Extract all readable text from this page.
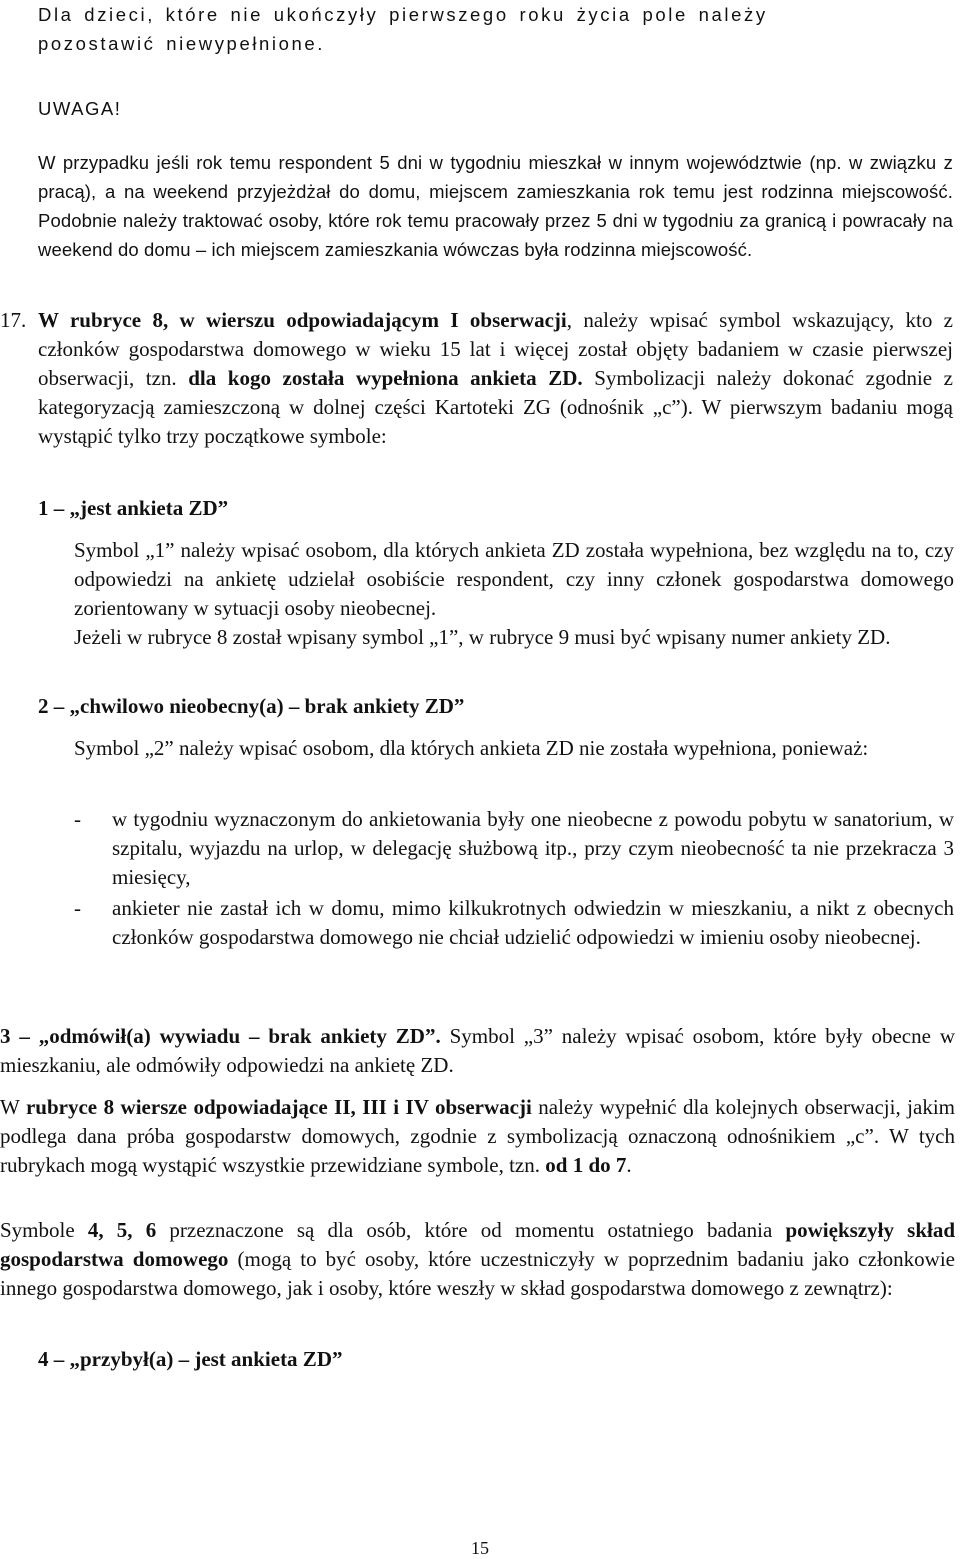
Dla dzieci, które nie ukończyły pierwszego roku życia pole należy
pozostawić niewypełnione.

UWAGA!

W przypadku jeśli rok temu respondent 5 dni w tygodniu mieszkał w innym województwie (np. w związku z pracą), a na weekend przyjeżdżał do domu, miejscem zamieszkania rok temu jest rodzinna miejscowość. Podobnie należy traktować osoby, które rok temu pracowały przez 5 dni w tygodniu za granicą i powracały na weekend do domu – ich miejscem zamieszkania wówczas była rodzinna miejscowość.

17. W rubryce 8, w wierszu odpowiadającym I obserwacji, należy wpisać symbol wskazujący, kto z członków gospodarstwa domowego w wieku 15 lat i więcej został objęty badaniem w czasie pierwszej obserwacji, tzn. dla kogo została wypełniona ankieta ZD. Symbolizacji należy dokonać zgodnie z kategoryzacją zamieszczoną w dolnej części Kartoteki ZG (odnośnik „c”). W pierwszym badaniu mogą wystąpić tylko trzy początkowe symbole:

1 – „jest ankieta ZD”

Symbol „1” należy wpisać osobom, dla których ankieta ZD została wypełniona, bez względu na to, czy odpowiedzi na ankietę udzielał osobiście respondent, czy inny członek gospodarstwa domowego zorientowany w sytuacji osoby nieobecnej.
Jeżeli w rubryce 8 został wpisany symbol „1”, w rubryce 9 musi być wpisany numer ankiety ZD.

2 – „chwilowo nieobecny(a) – brak ankiety ZD”

Symbol „2” należy wpisać osobom, dla których ankieta ZD nie została wypełniona, ponieważ:

- w tygodniu wyznaczonym do ankietowania były one nieobecne z powodu pobytu w sanatorium, w szpitalu, wyjazdu na urlop, w delegację służbową itp., przy czym nieobecność ta nie przekracza 3 miesięcy,

- ankieter nie zastał ich w domu, mimo kilkukrotnych odwiedzin w mieszkaniu, a nikt z obecnych członków gospodarstwa domowego nie chciał udzielić odpowiedzi w imieniu osoby nieobecnej.

3 – „odmówił(a) wywiadu – brak ankiety ZD”. Symbol „3” należy wpisać osobom, które były obecne w mieszkaniu, ale odmówiły odpowiedzi na ankietę ZD.

W rubryce 8 wiersze odpowiadające II, III i IV obserwacji należy wypełnić dla kolejnych obserwacji, jakim podlega dana próba gospodarstw domowych, zgodnie z symbolizacją oznaczoną odnośnikiem „c”. W tych rubrykach mogą wystąpić wszystkie przewidziane symbole, tzn. od 1 do 7.

Symbole 4, 5, 6 przeznaczone są dla osób, które od momentu ostatniego badania powiększyły skład gospodarstwa domowego (mogą to być osoby, które uczestniczyły w poprzednim badaniu jako członkowie innego gospodarstwa domowego, jak i osoby, które weszły w skład gospodarstwa domowego z zewnątrz):

4 – „przybył(a) – jest ankieta ZD”

15
